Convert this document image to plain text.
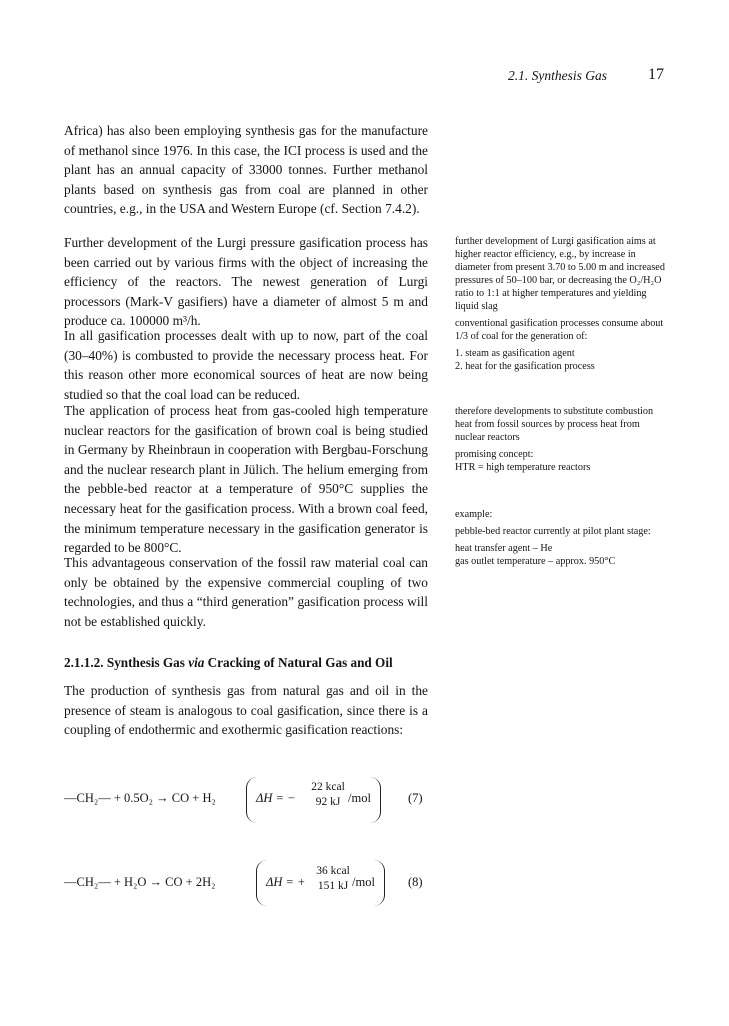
2.1. Synthesis Gas	17
Africa) has also been employing synthesis gas for the manufacture of methanol since 1976. In this case, the ICI process is used and the plant has an annual capacity of 33000 tonnes. Further methanol plants based on synthesis gas from coal are planned in other countries, e.g., in the USA and Western Europe (cf. Section 7.4.2).
Further development of the Lurgi pressure gasification process has been carried out by various firms with the object of increasing the efficiency of the reactors. The newest generation of Lurgi processors (Mark-V gasifiers) have a diameter of almost 5 m and produce ca. 100000 m³/h.
In all gasification processes dealt with up to now, part of the coal (30–40%) is combusted to provide the necessary process heat. For this reason other more economical sources of heat are now being studied so that the coal load can be reduced.
The application of process heat from gas-cooled high temperature nuclear reactors for the gasification of brown coal is being studied in Germany by Rheinbraun in cooperation with Bergbau-Forschung and the nuclear research plant in Jülich. The helium emerging from the pebble-bed reactor at a temperature of 950°C supplies the necessary heat for the gasification process. With a brown coal feed, the minimum temperature necessary in the gasification generator is regarded to be 800°C.
This advantageous conservation of the fossil raw material coal can only be obtained by the expensive commercial coupling of two technologies, and thus a “third generation” gasification process will not be established quickly.
2.1.1.2. Synthesis Gas via Cracking of Natural Gas and Oil
The production of synthesis gas from natural gas and oil in the presence of steam is analogous to coal gasification, since there is a coupling of endothermic and exothermic gasification reactions:

further development of Lurgi gasification aims at higher reactor efficiency, e.g., by increase in diameter from present 3.70 to 5.00 m and increased pressures of 50–100 bar, or decreasing the O₂/H₂O ratio to 1:1 at higher temperatures and yielding liquid slag

conventional gasification processes consume about 1/3 of coal for the generation of:

1. steam as gasification agent
2. heat for the gasification process

therefore developments to substitute combustion heat from fossil sources by process heat from nuclear reactors

promising concept:
HTR = high temperature reactors

example:

pebble-bed reactor currently at pilot plant stage:

heat transfer agent – He
gas outlet temperature – approx. 950°C

—CH₂— + 0.5O₂ → CO + H₂	ΔH = −
22 kcal
92 kJ /mol	(7)
—CH₂— + H₂O → CO + 2H₂	ΔH = +
36 kcal
151 kJ /mol	(8)
